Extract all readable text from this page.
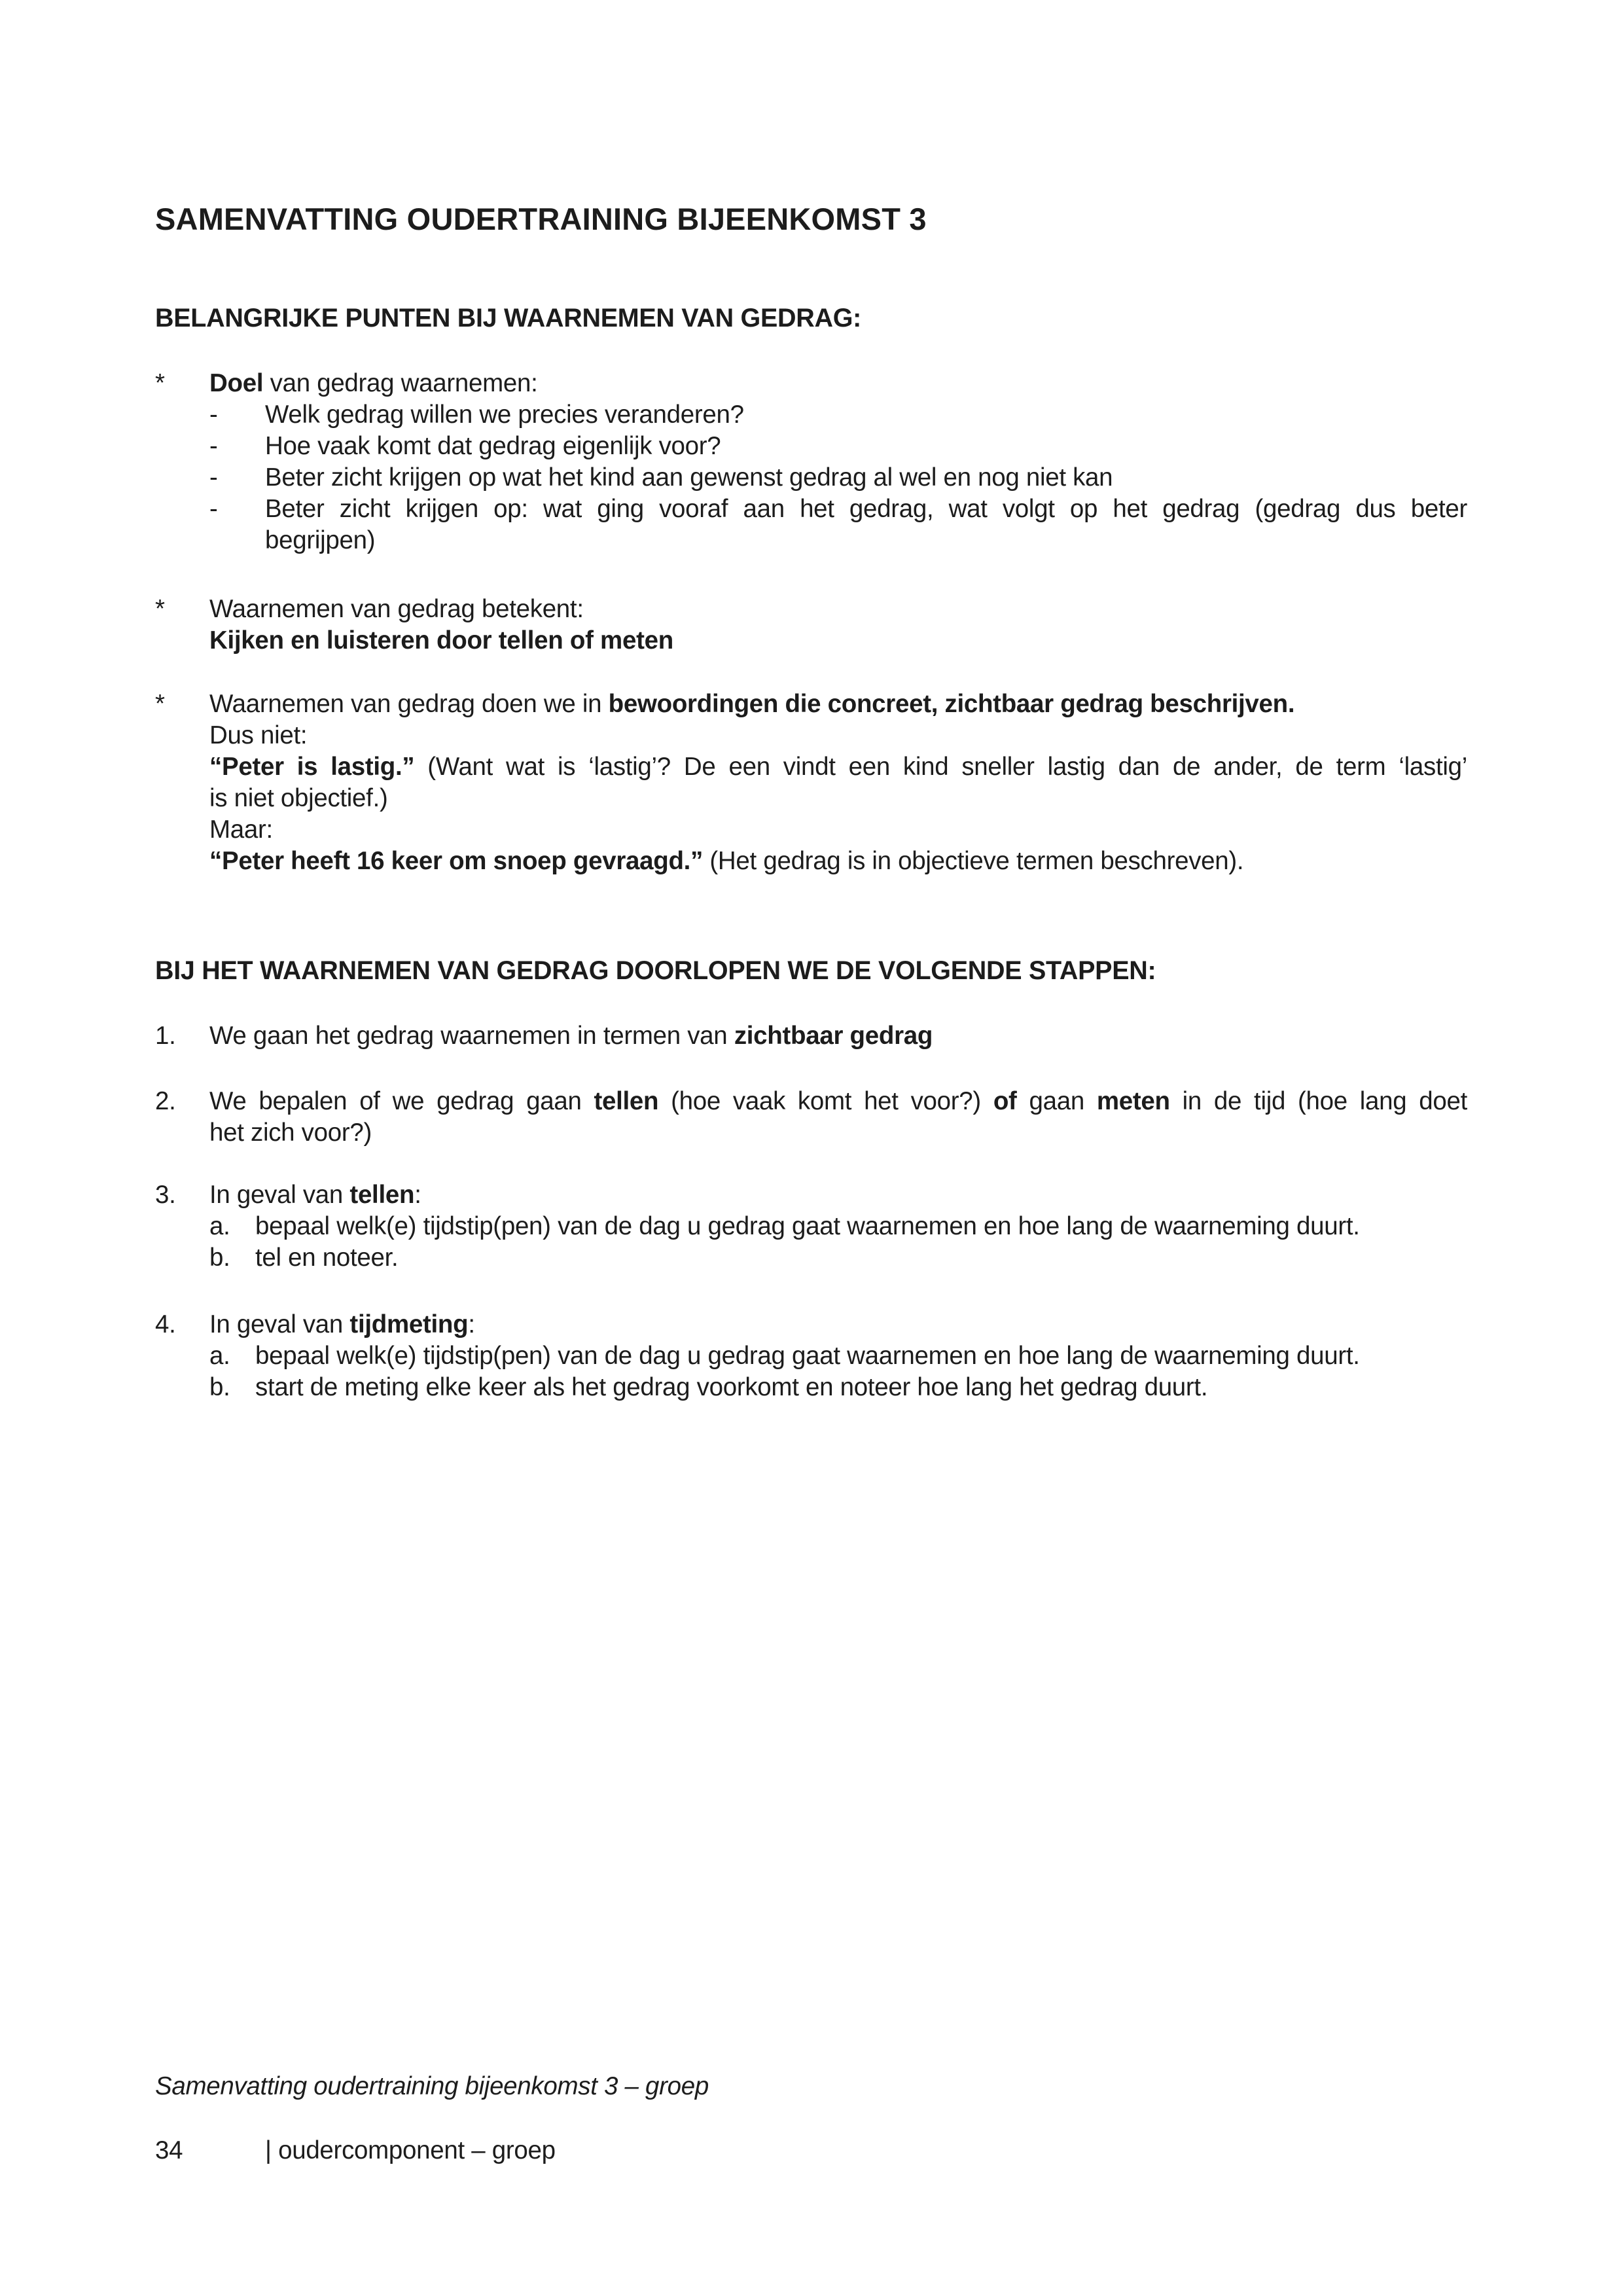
SAMENVATTING OUDERTRAINING BIJEENKOMST 3
BELANGRIJKE PUNTEN BIJ WAARNEMEN VAN GEDRAG:
*	Doel van gedrag waarnemen:
-	Welk gedrag willen we precies veranderen?
-	Hoe vaak komt dat gedrag eigenlijk voor?
-	Beter zicht krijgen op wat het kind aan gewenst gedrag al wel en nog niet kan
-	Beter zicht krijgen op: wat ging vooraf aan het gedrag, wat volgt op het gedrag (gedrag dus beter
begrijpen)
*	Waarnemen van gedrag betekent:
Kijken en luisteren door tellen of meten
*	Waarnemen van gedrag doen we in bewoordingen die concreet, zichtbaar gedrag beschrijven.
Dus niet:
“Peter is lastig.” (Want wat is ‘lastig’? De een vindt een kind sneller lastig dan de ander, de term ‘lastig’
is niet objectief.)
Maar:
“Peter heeft 16 keer om snoep gevraagd.” (Het gedrag is in objectieve termen beschreven).
BIJ HET WAARNEMEN VAN GEDRAG DOORLOPEN WE DE VOLGENDE STAPPEN:
1.	We gaan het gedrag waarnemen in termen van zichtbaar gedrag
2.	We bepalen of we gedrag gaan tellen (hoe vaak komt het voor?) of gaan meten in de tijd (hoe lang doet
het zich voor?)
3.	In geval van tellen:
a. bepaal welk(e) tijdstip(pen) van de dag u gedrag gaat waarnemen en hoe lang de waarneming duurt.
b. tel en noteer.
4.	In geval van tijdmeting:
a. bepaal welk(e) tijdstip(pen) van de dag u gedrag gaat waarnemen en hoe lang de waarneming duurt.
b. start de meting elke keer als het gedrag voorkomt en noteer hoe lang het gedrag duurt.
Samenvatting oudertraining bijeenkomst 3 – groep
34	| oudercomponent – groep
